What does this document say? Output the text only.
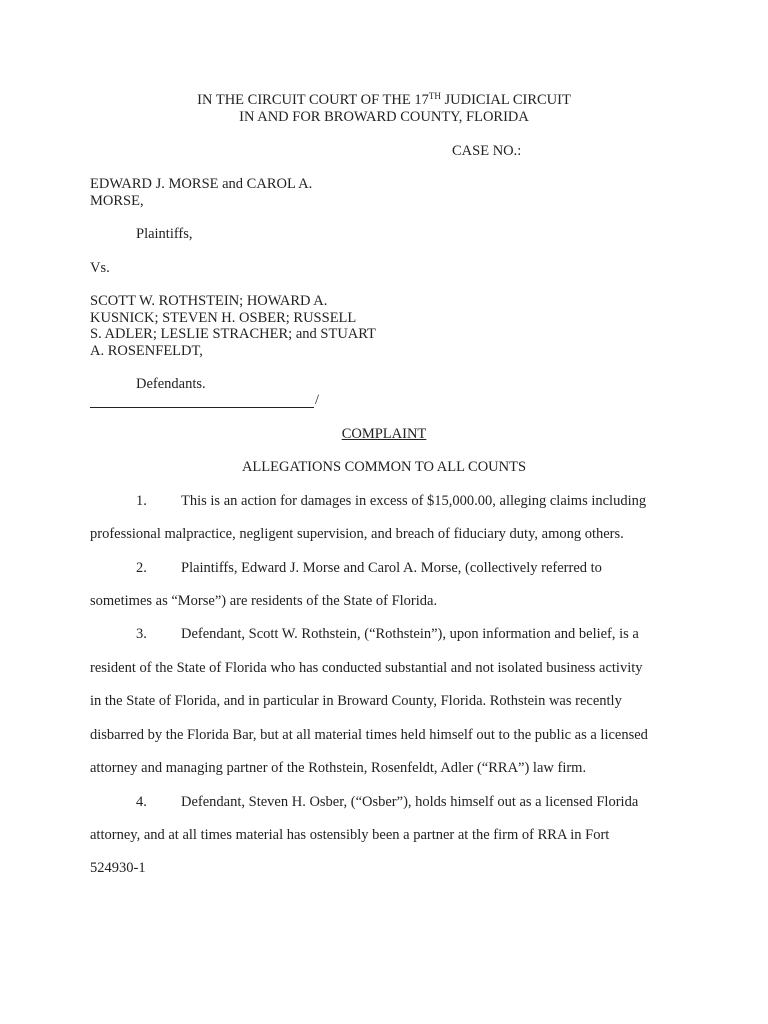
IN THE CIRCUIT COURT OF THE 17TH JUDICIAL CIRCUIT
IN AND FOR BROWARD COUNTY, FLORIDA
CASE NO.:
EDWARD J. MORSE and CAROL A.
MORSE,
Plaintiffs,
Vs.
SCOTT W. ROTHSTEIN; HOWARD A.
KUSNICK; STEVEN H. OSBER; RUSSELL
S. ADLER; LESLIE STRACHER; and STUART
A. ROSENFELDT,
Defendants.
/
COMPLAINT
ALLEGATIONS COMMON TO ALL COUNTS
1. This is an action for damages in excess of $15,000.00, alleging claims including
professional malpractice, negligent supervision, and breach of fiduciary duty, among others.
2. Plaintiffs, Edward J. Morse and Carol A. Morse, (collectively referred to
sometimes as “Morse”) are residents of the State of Florida.
3. Defendant, Scott W. Rothstein, (“Rothstein”), upon information and belief, is a
resident of the State of Florida who has conducted substantial and not isolated business activity
in the State of Florida, and in particular in Broward County, Florida. Rothstein was recently
disbarred by the Florida Bar, but at all material times held himself out to the public as a licensed
attorney and managing partner of the Rothstein, Rosenfeldt, Adler (“RRA”) law firm.
4. Defendant, Steven H. Osber, (“Osber”), holds himself out as a licensed Florida
attorney, and at all times material has ostensibly been a partner at the firm of RRA in Fort
524930-1
